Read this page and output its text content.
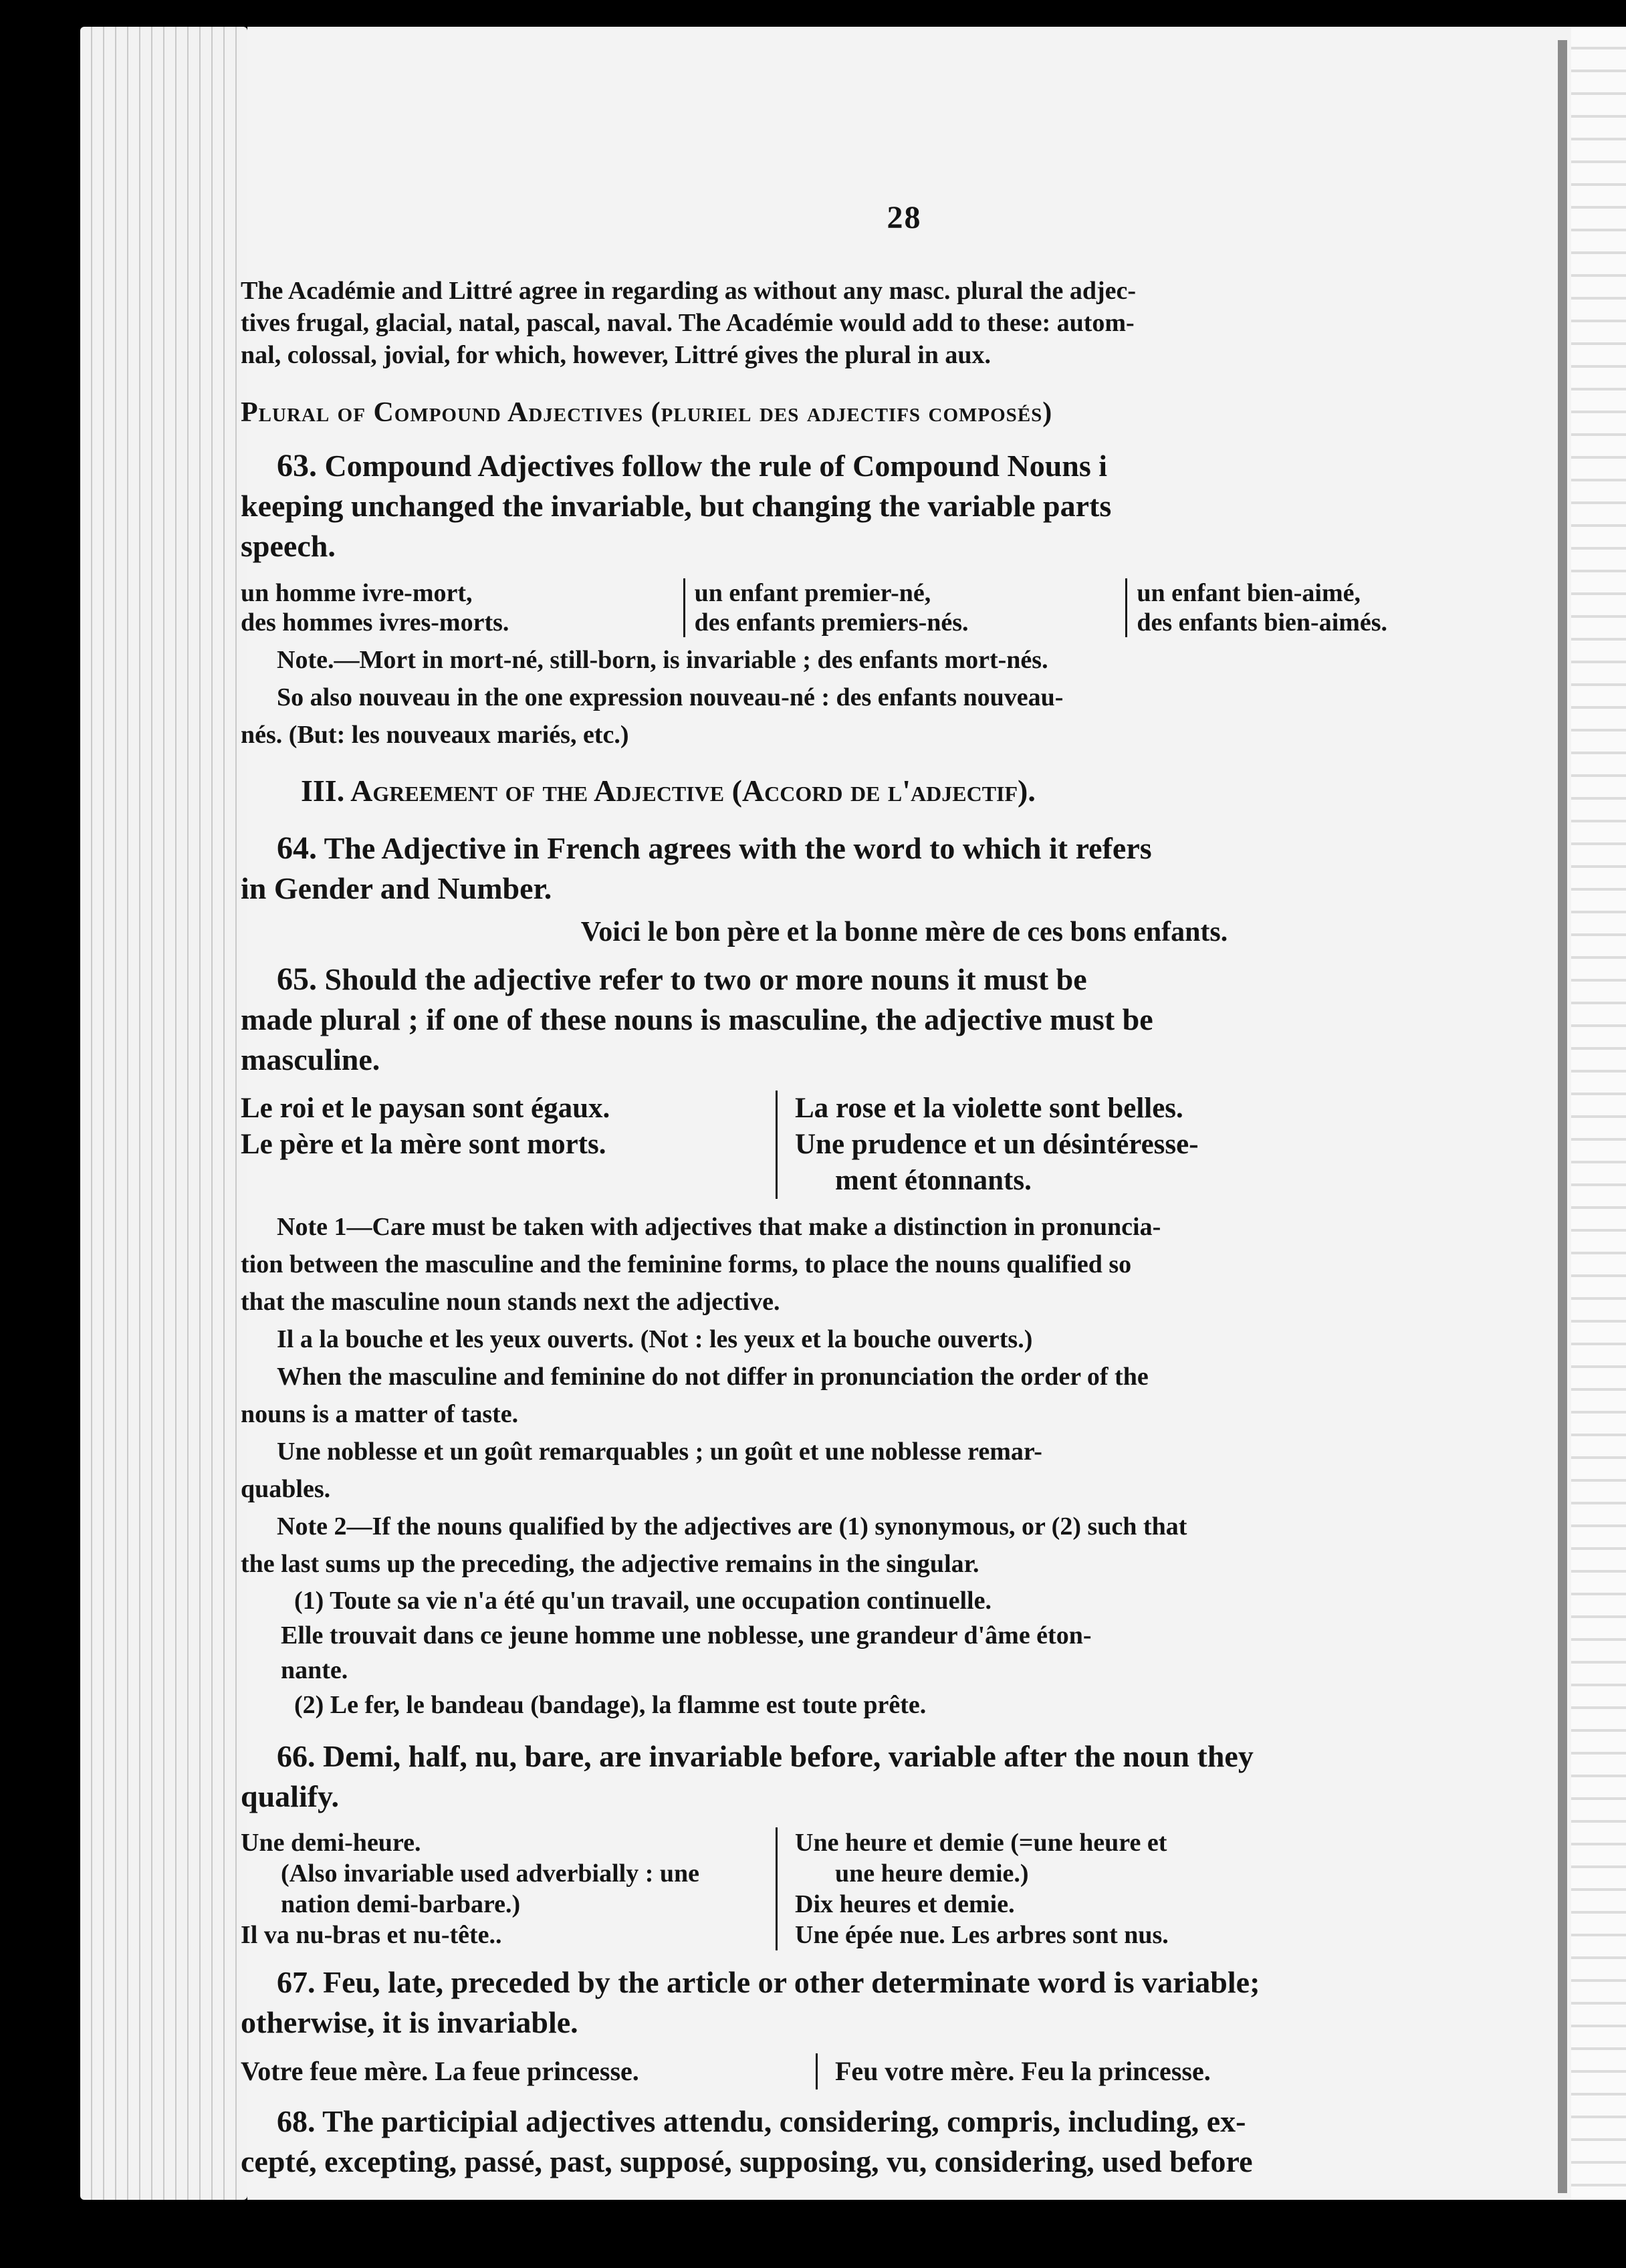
28

The Académie and Littré agree in regarding as without any masc. plural the adjec-

tives frugal, glacial, natal, pascal, naval. The Académie would add to these: autom-

nal, colossal, jovial, for which, however, Littré gives the plural in aux.

Plural of Compound Adjectives (pluriel des adjectifs composés)

63. Compound Adjectives follow the rule of Compound Nouns i

keeping unchanged the invariable, but changing the variable parts

speech.

un homme ivre-mort,
des hommes ivres-morts.
un enfant premier-né,
des enfants premiers-nés.
un enfant bien-aimé,
des enfants bien-aimés.

Note.—Mort in mort-né, still-born, is invariable ; des enfants mort-nés.

So also nouveau in the one expression nouveau-né : des enfants nouveau-

nés. (But: les nouveaux mariés, etc.)

III. Agreement of the Adjective (Accord de l'adjectif).

64. The Adjective in French agrees with the word to which it refers

in Gender and Number.

Voici le bon père et la bonne mère de ces bons enfants.

65. Should the adjective refer to two or more nouns it must be

made plural ; if one of these nouns is masculine, the adjective must be

masculine.

Le roi et le paysan sont égaux.
Le père et la mère sont morts.
La rose et la violette sont belles.
Une prudence et un désintéresse-
ment étonnants.

Note 1—Care must be taken with adjectives that make a distinction in pronuncia-

tion between the masculine and the feminine forms, to place the nouns qualified so

that the masculine noun stands next the adjective.

Il a la bouche et les yeux ouverts. (Not : les yeux et la bouche ouverts.)

When the masculine and feminine do not differ in pronunciation the order of the

nouns is a matter of taste.

Une noblesse et un goût remarquables ; un goût et une noblesse remar-

quables.

Note 2—If the nouns qualified by the adjectives are (1) synonymous, or (2) such that

the last sums up the preceding, the adjective remains in the singular.

(1) Toute sa vie n'a été qu'un travail, une occupation continuelle.

Elle trouvait dans ce jeune homme une noblesse, une grandeur d'âme éton-

nante.

(2) Le fer, le bandeau (bandage), la flamme est toute prête.

66. Demi, half, nu, bare, are invariable before, variable after the noun they

qualify.

Une demi-heure.
(Also invariable used adverbially : une
nation demi-barbare.)
Il va nu-bras et nu-tête..
Une heure et demie (=une heure et
une heure demie.)
Dix heures et demie.
Une épée nue. Les arbres sont nus.

67. Feu, late, preceded by the article or other determinate word is variable;

otherwise, it is invariable.

Votre feue mère. La feue princesse.	Feu votre mère. Feu la princesse.

68. The participial adjectives attendu, considering, compris, including, ex-

cepté, excepting, passé, past, supposé, supposing, vu, considering, used before
